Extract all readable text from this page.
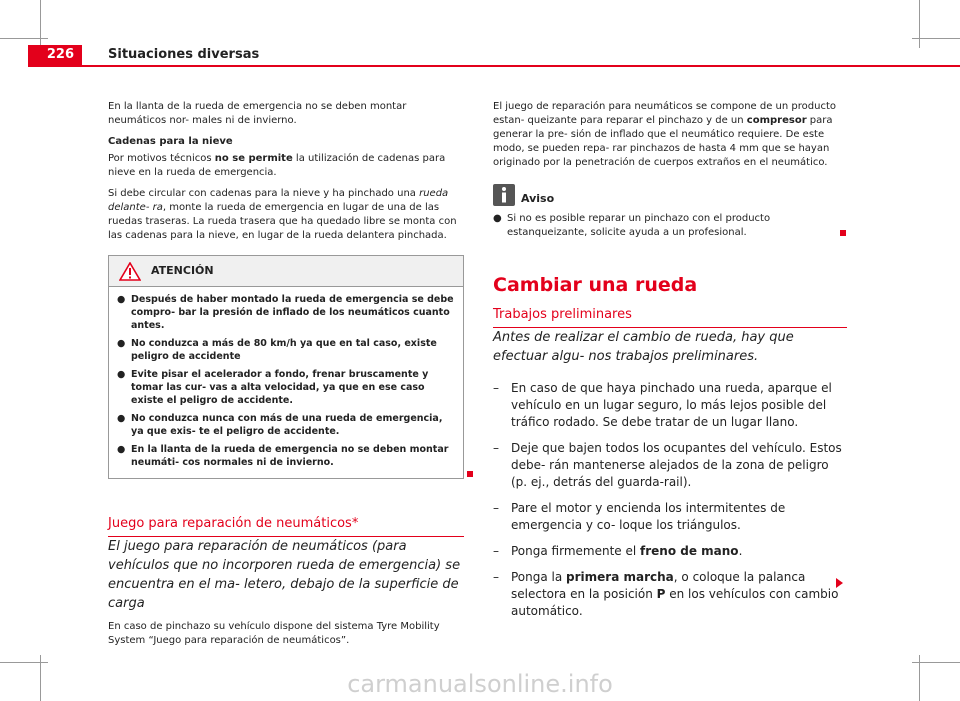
226	Situaciones diversas

En la llanta de la rueda de emergencia no se deben montar neumáticos nor- males ni de invierno.

Cadenas para la nieve

Por motivos técnicos no se permite la utilización de cadenas para nieve en la rueda de emergencia.

Si debe circular con cadenas para la nieve y ha pinchado una rueda delante- ra, monte la rueda de emergencia en lugar de una de las ruedas traseras. La rueda trasera que ha quedado libre se monta con las cadenas para la nieve, en lugar de la rueda delantera pinchada.

ATENCIÓN
● Después de haber montado la rueda de emergencia se debe compro- bar la presión de inflado de los neumáticos cuanto antes.
● No conduzca a más de 80 km/h ya que en tal caso, existe peligro de accidente
● Evite pisar el acelerador a fondo, frenar bruscamente y tomar las cur- vas a alta velocidad, ya que en ese caso existe el peligro de accidente.
● No conduzca nunca con más de una rueda de emergencia, ya que exis- te el peligro de accidente.
● En la llanta de la rueda de emergencia no se deben montar neumáti- cos normales ni de invierno.
Juego para reparación de neumáticos*

El juego para reparación de neumáticos (para vehículos que no incorporen rueda de emergencia) se encuentra en el ma- letero, debajo de la superficie de carga

En caso de pinchazo su vehículo dispone del sistema Tyre Mobility System “Juego para reparación de neumáticos”.

El juego de reparación para neumáticos se compone de un producto estan- queizante para reparar el pinchazo y de un compresor para generar la pre- sión de inflado que el neumático requiere. De este modo, se pueden repa- rar pinchazos de hasta 4 mm que se hayan originado por la penetración de cuerpos extraños en el neumático.

Aviso
● Si no es posible reparar un pinchazo con el producto estanqueizante, solicite ayuda a un profesional.
Cambiar una rueda
Trabajos preliminares

Antes de realizar el cambio de rueda, hay que efectuar algu- nos trabajos preliminares.

–	En caso de que haya pinchado una rueda, aparque el vehículo en un lugar seguro, lo más lejos posible del tráfico rodado. Se debe tratar de un lugar llano.
–	Deje que bajen todos los ocupantes del vehículo. Estos debe- rán mantenerse alejados de la zona de peligro (p. ej., detrás del guarda-rail).
–	Pare el motor y encienda los intermitentes de emergencia y co- loque los triángulos.
–	Ponga firmemente el freno de mano.
–	Ponga la primera marcha, o coloque la palanca selectora en la posición P en los vehículos con cambio automático.
carmanualsonline.info
